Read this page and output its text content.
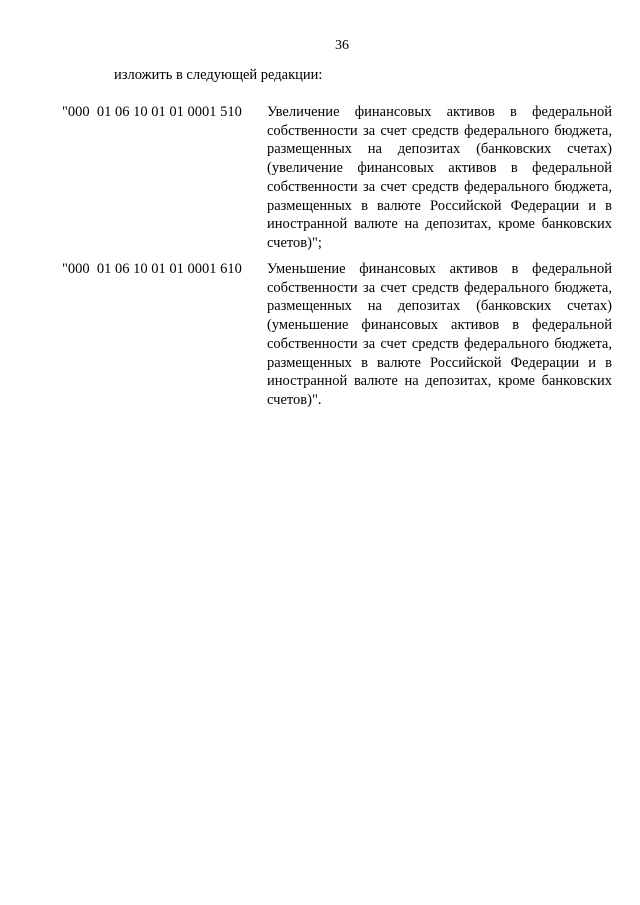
36
изложить в следующей редакции:
"000  01 06 10 01 01 0001 510	Увеличение финансовых активов в федеральной собственности за счет средств федерального бюджета, размещенных на депозитах (банковских счетах) (увеличение финансовых активов в федеральной собственности за счет средств федерального бюджета, размещенных в валюте Российской Федерации и в иностранной валюте на депозитах, кроме банковских счетов)";
"000  01 06 10 01 01 0001 610	Уменьшение финансовых активов в федеральной собственности за счет средств федерального бюджета, размещенных на депозитах (банковских счетах) (уменьшение финансовых активов в федеральной собственности за счет средств федерального бюджета, размещенных в валюте Российской Федерации и в иностранной валюте на депозитах, кроме банковских счетов)".
